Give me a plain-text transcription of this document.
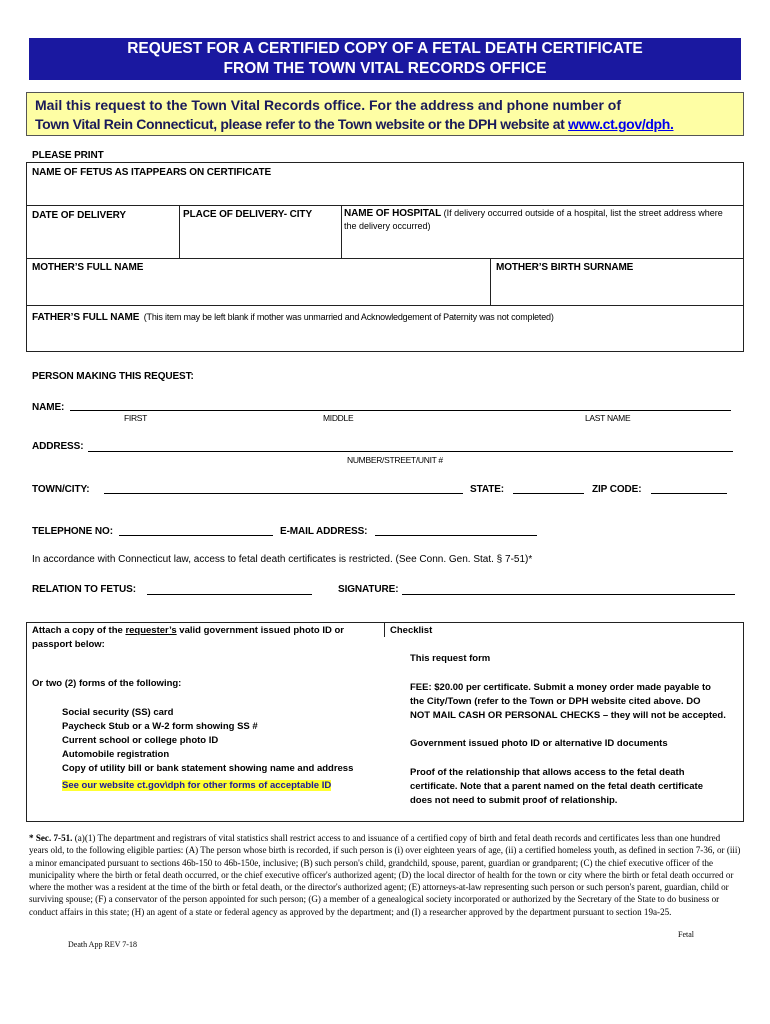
REQUEST FOR A CERTIFIED COPY OF A FETAL DEATH CERTIFICATE
FROM THE TOWN VITAL RECORDS OFFICE
Mail this request to the Town Vital Records office. For the address and phone number of
Town Vital Rein Connecticut, please refer to the Town website or the DPH website at www.ct.gov/dph.
PLEASE PRINT
NAME OF FETUS AS ITAPPEARS ON CERTIFICATE
DATE OF DELIVERY	PLACE OF DELIVERY- CITY	NAME OF HOSPITAL (If delivery occurred outside of a hospital, list the street address where the delivery occurred)
MOTHER’S FULL NAME	MOTHER’S BIRTH SURNAME
FATHER’S FULL NAME (This item may be left blank if mother was unmarried and Acknowledgement of Paternity was not completed)
PERSON MAKING THIS REQUEST:
NAME:
FIRST	MIDDLE	LAST NAME
ADDRESS:
NUMBER/STREET/UNIT #
TOWN/CITY:	STATE:	ZIP CODE:
TELEPHONE NO:	E-MAIL ADDRESS:
In accordance with Connecticut law, access to fetal death certificates is restricted. (See Conn. Gen. Stat. § 7-51)*
RELATION TO FETUS:	SIGNATURE:
Attach a copy of the requester’s valid government issued photo ID or
passport below:
Or two (2) forms of the following:
Social security (SS) card
Paycheck Stub or a W-2 form showing SS #
Current school or college photo ID
Automobile registration
Copy of utility bill or bank statement showing name and address
See our website ct.gov\dph for other forms of acceptable ID
Checklist
This request form
FEE: $20.00 per certificate. Submit a money order made payable to
the City/Town (refer to the Town or DPH website cited above. DO
NOT MAIL CASH OR PERSONAL CHECKS – they will not be accepted.
Government issued photo ID or alternative ID documents
Proof of the relationship that allows access to the fetal death
certificate. Note that a parent named on the fetal death certificate
does not need to submit proof of relationship.
* Sec. 7-51. (a)(1) The department and registrars of vital statistics shall restrict access to and issuance of a certified copy of birth and fetal death records and certificates less than one hundred years old, to the following eligible parties: (A) The person whose birth is recorded, if such person is (i) over eighteen years of age, (ii) a certified homeless youth, as defined in section 7-36, or (iii) a minor emancipated pursuant to sections 46b-150 to 46b-150e, inclusive; (B) such person's child, grandchild, spouse, parent, guardian or grandparent; (C) the chief executive officer of the municipality where the birth or fetal death occurred, or the chief executive officer's authorized agent; (D) the local director of health for the town or city where the birth or fetal death occurred or where the mother was a resident at the time of the birth or fetal death, or the director's authorized agent; (E) attorneys-at-law representing such person or such person's parent, guardian, child or surviving spouse; (F) a conservator of the person appointed for such person; (G) a member of a genealogical society incorporated or authorized by the Secretary of the State to do business or conduct affairs in this state; (H) an agent of a state or federal agency as approved by the department; and (I) a researcher approved by the department pursuant to section 19a-25.
Death App REV 7-18
Fetal
